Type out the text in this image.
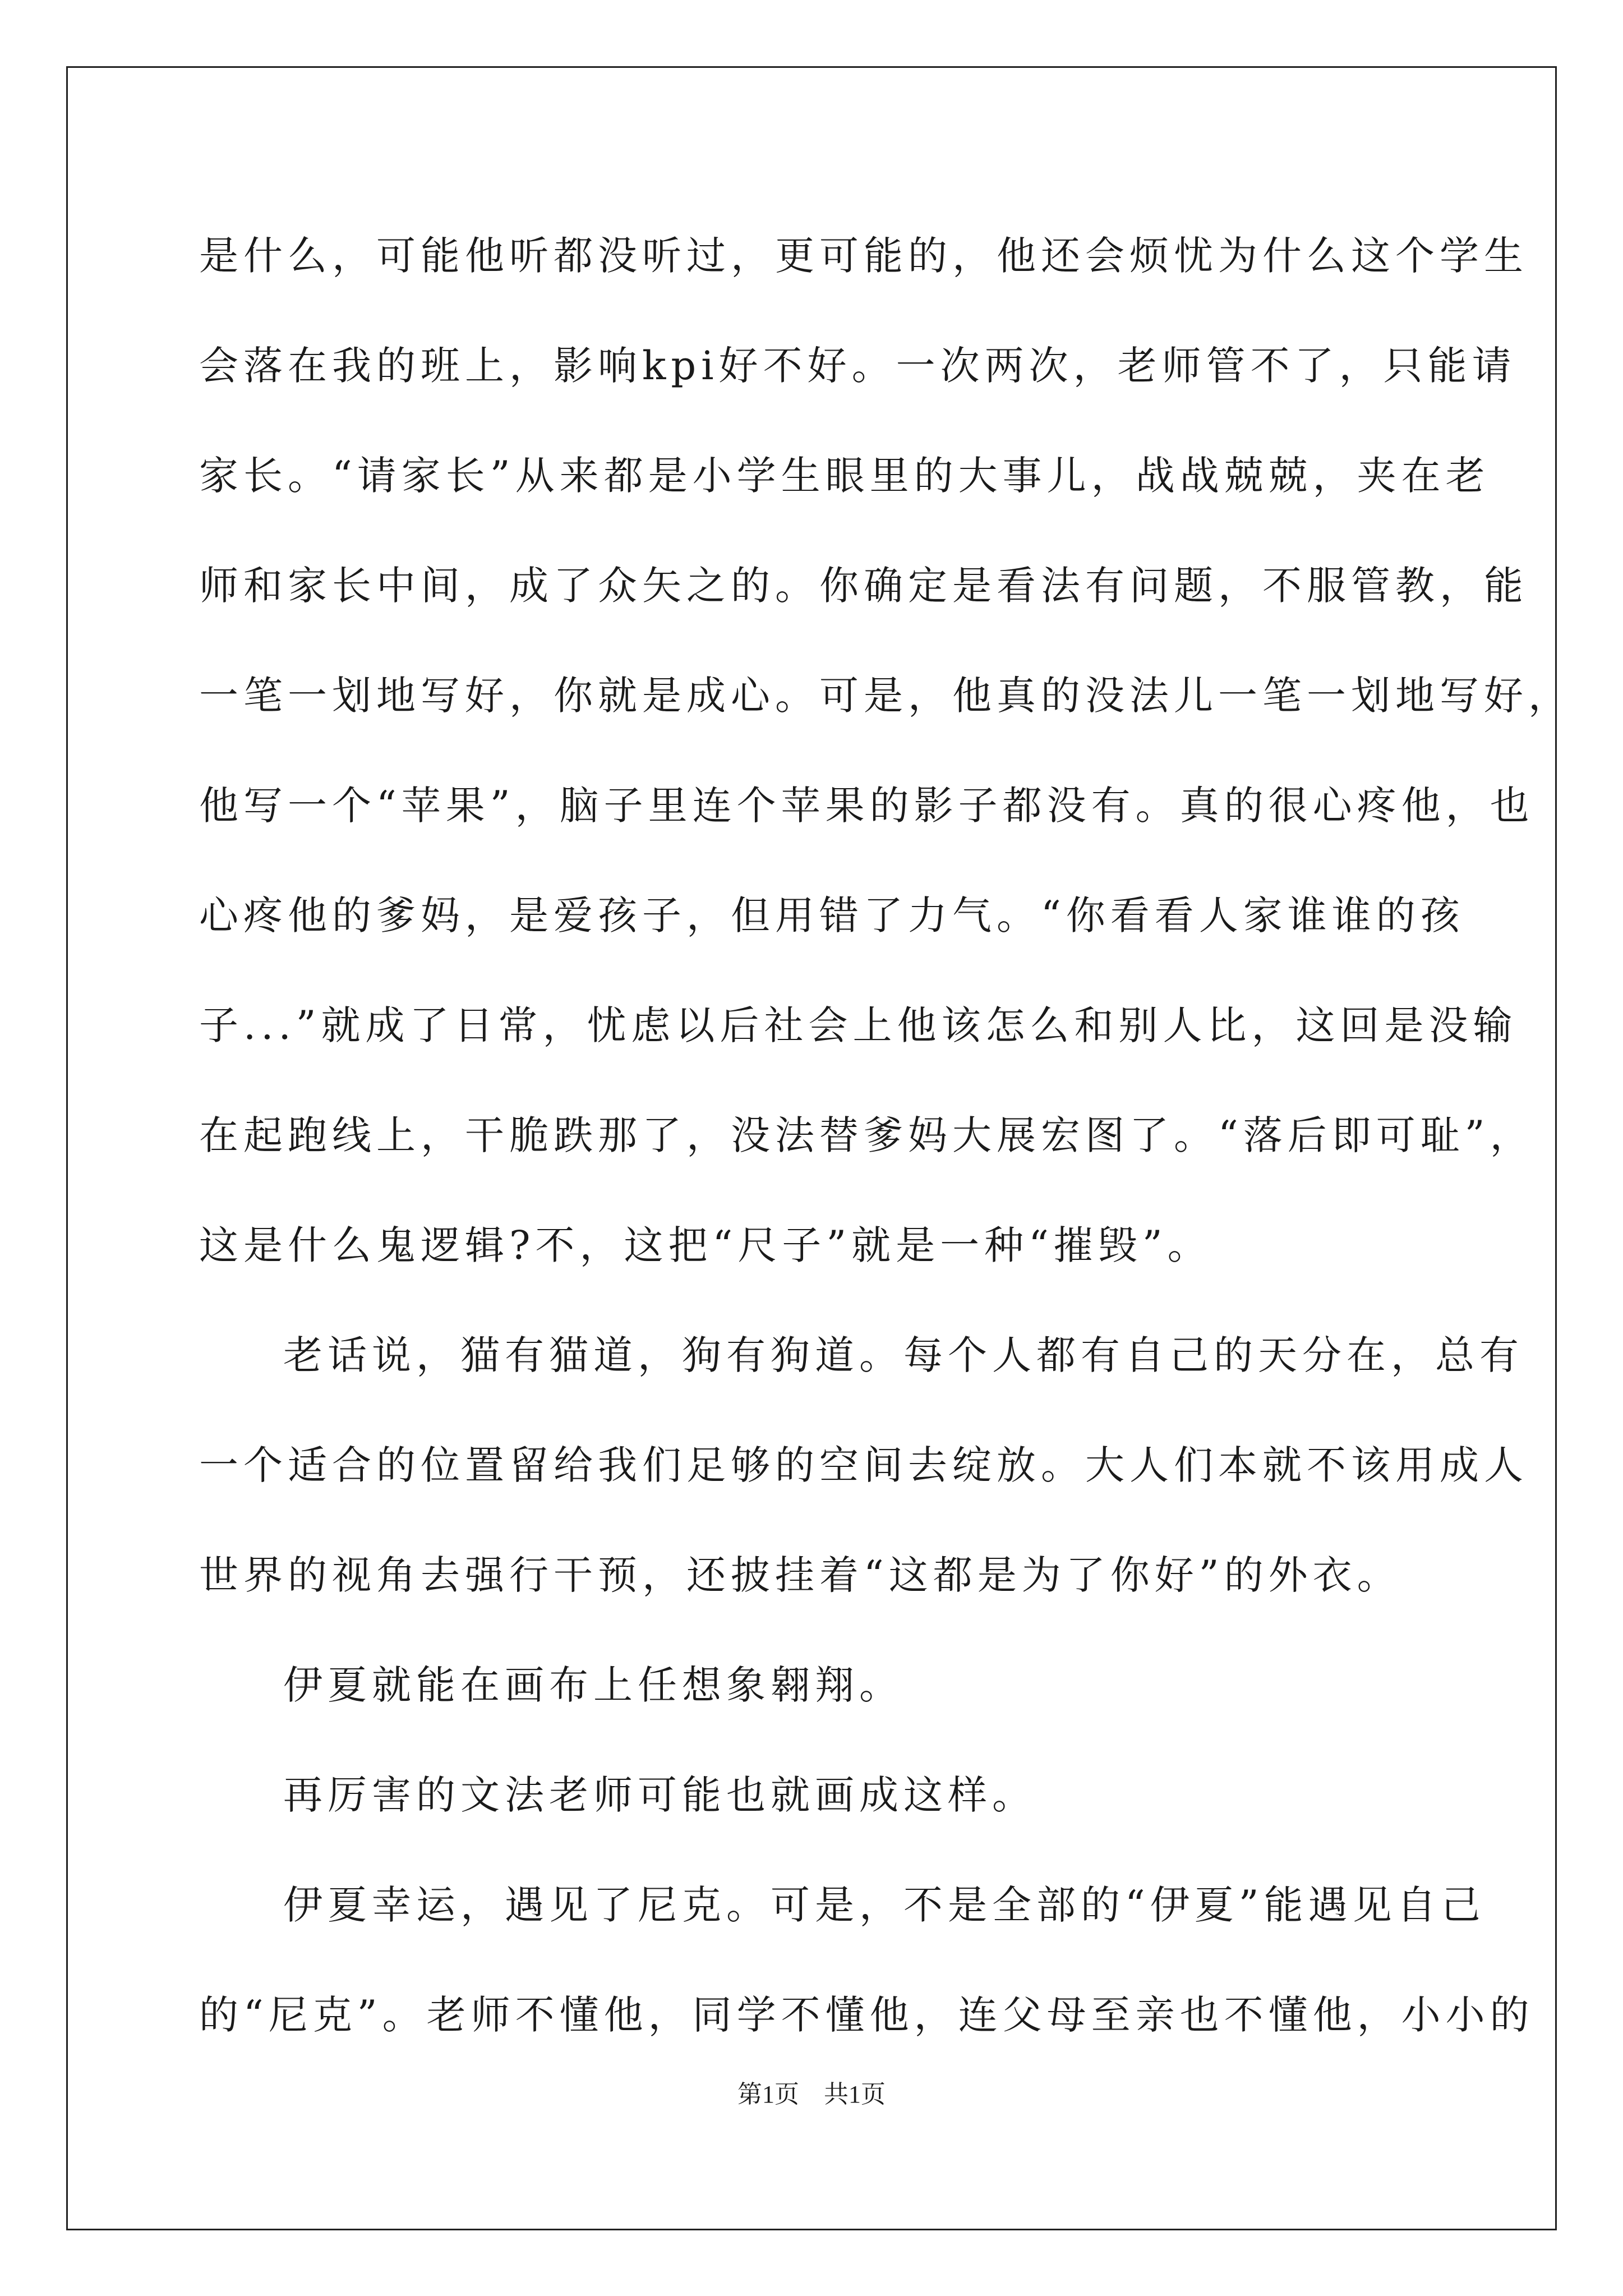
是什么，可能他听都没听过，更可能的，他还会烦忧为什么这个学生
会落在我的班上，影响kpi好不好。一次两次，老师管不了，只能请
家长。“请家长”从来都是小学生眼里的大事儿，战战兢兢，夹在老
师和家长中间，成了众矢之的。你确定是看法有问题，不服管教，能
一笔一划地写好，你就是成心。可是，他真的没法儿一笔一划地写好，
他写一个“苹果”，脑子里连个苹果的影子都没有。真的很心疼他，也
心疼他的爹妈，是爱孩子，但用错了力气。“你看看人家谁谁的孩
子...”就成了日常，忧虑以后社会上他该怎么和别人比，这回是没输
在起跑线上，干脆跌那了，没法替爹妈大展宏图了。“落后即可耻”，
这是什么鬼逻辑?不，这把“尺子”就是一种“摧毁”。
老话说，猫有猫道，狗有狗道。每个人都有自己的天分在，总有
一个适合的位置留给我们足够的空间去绽放。大人们本就不该用成人
世界的视角去强行干预，还披挂着“这都是为了你好”的外衣。
伊夏就能在画布上任想象翱翔。
再厉害的文法老师可能也就画成这样。
伊夏幸运，遇见了尼克。可是，不是全部的“伊夏”能遇见自己
的“尼克”。老师不懂他，同学不懂他，连父母至亲也不懂他，小小的
第1页 共1页
